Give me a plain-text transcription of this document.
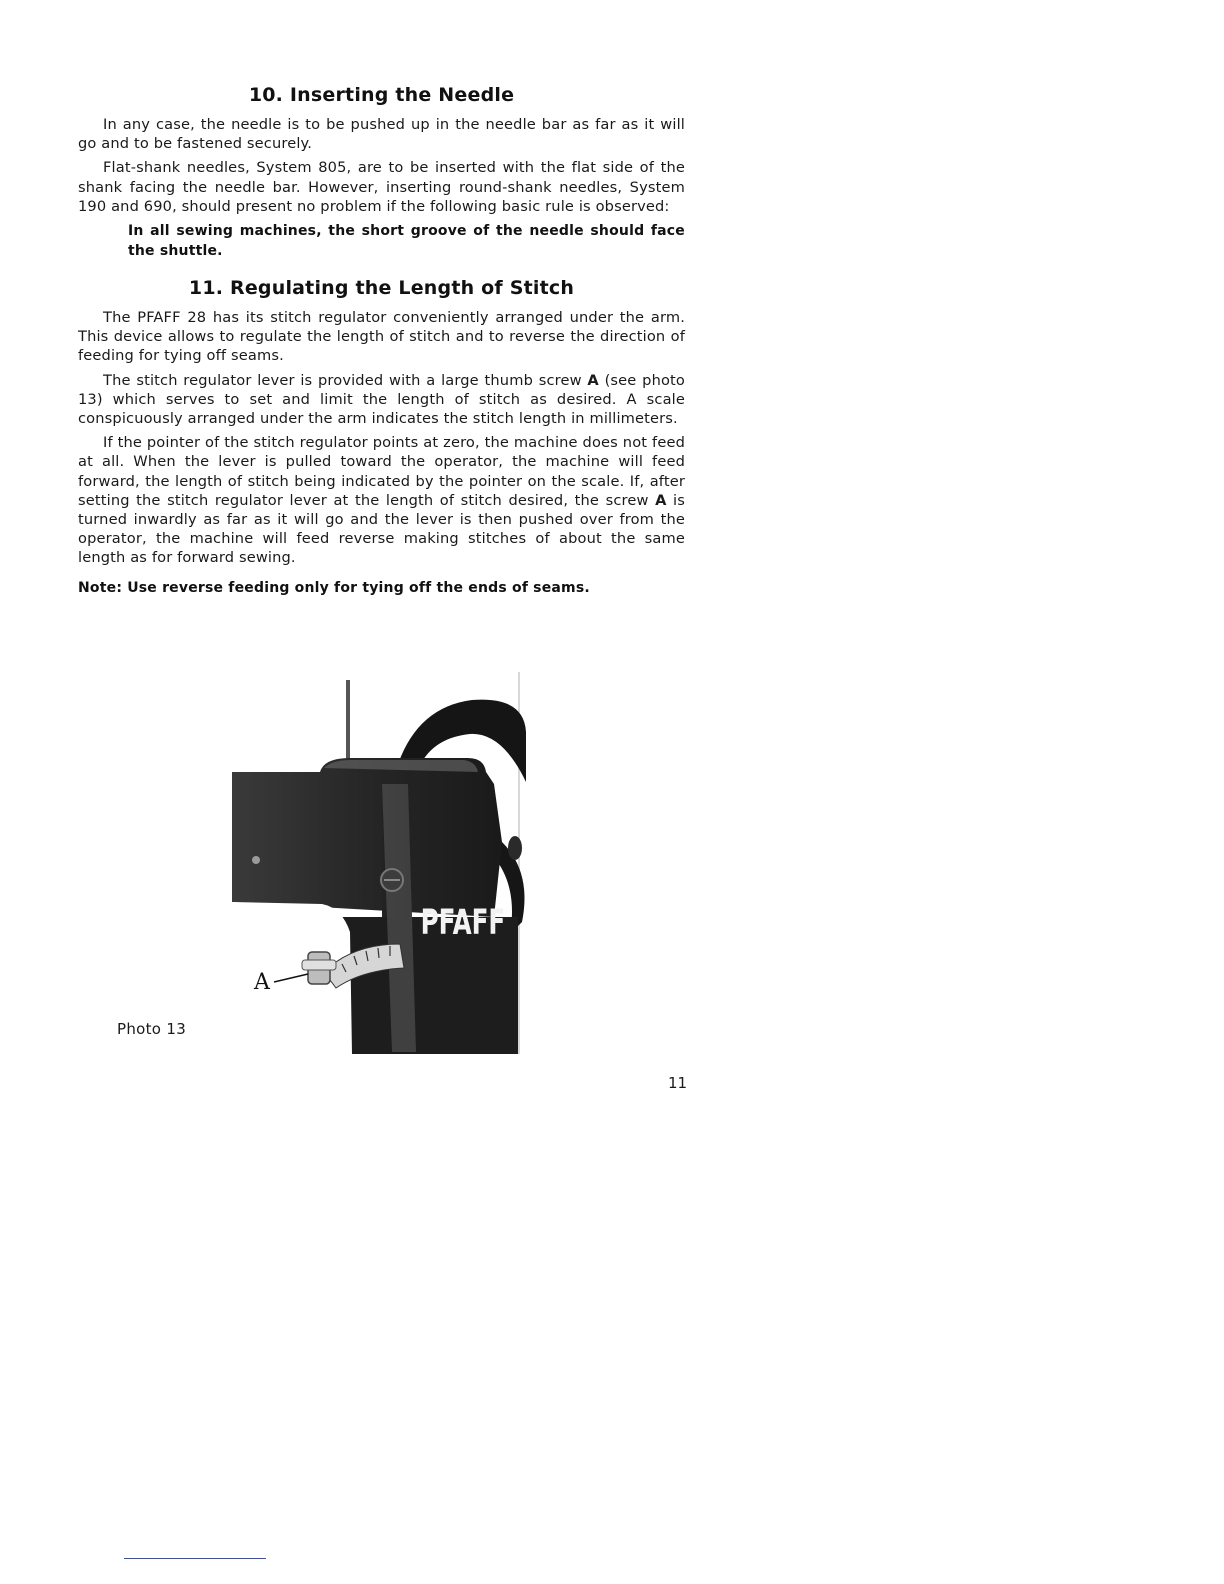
10. Inserting the Needle

In any case, the needle is to be pushed up in the needle bar as far as it will go and to be fastened securely.

Flat-shank needles, System 805, are to be inserted with the flat side of the shank facing the needle bar. However, inserting round-shank needles, System 190 and 690, should present no problem if the following basic rule is observed:

In all sewing machines, the short groove of the needle should face the shuttle.
11. Regulating the Length of Stitch

The PFAFF 28 has its stitch regulator conveniently arranged under the arm. This device allows to regulate the length of stitch and to reverse the direction of feeding for tying off seams.

The stitch regulator lever is provided with a large thumb screw A (see photo 13) which serves to set and limit the length of stitch as desired. A scale conspicuously arranged under the arm indicates the stitch length in millimeters.

If the pointer of the stitch regulator points at zero, the machine does not feed at all. When the lever is pulled toward the operator, the machine will feed forward, the length of stitch being indicated by the pointer on the scale. If, after setting the stitch regulator lever at the length of stitch desired, the screw A is turned inwardly as far as it will go and the lever is then pushed over from the operator, the machine will feed reverse making stitches of about the same length as for forward sewing.

Note: Use reverse feeding only for tying off the ends of seams.
PFAFF
A
Photo 13
11
